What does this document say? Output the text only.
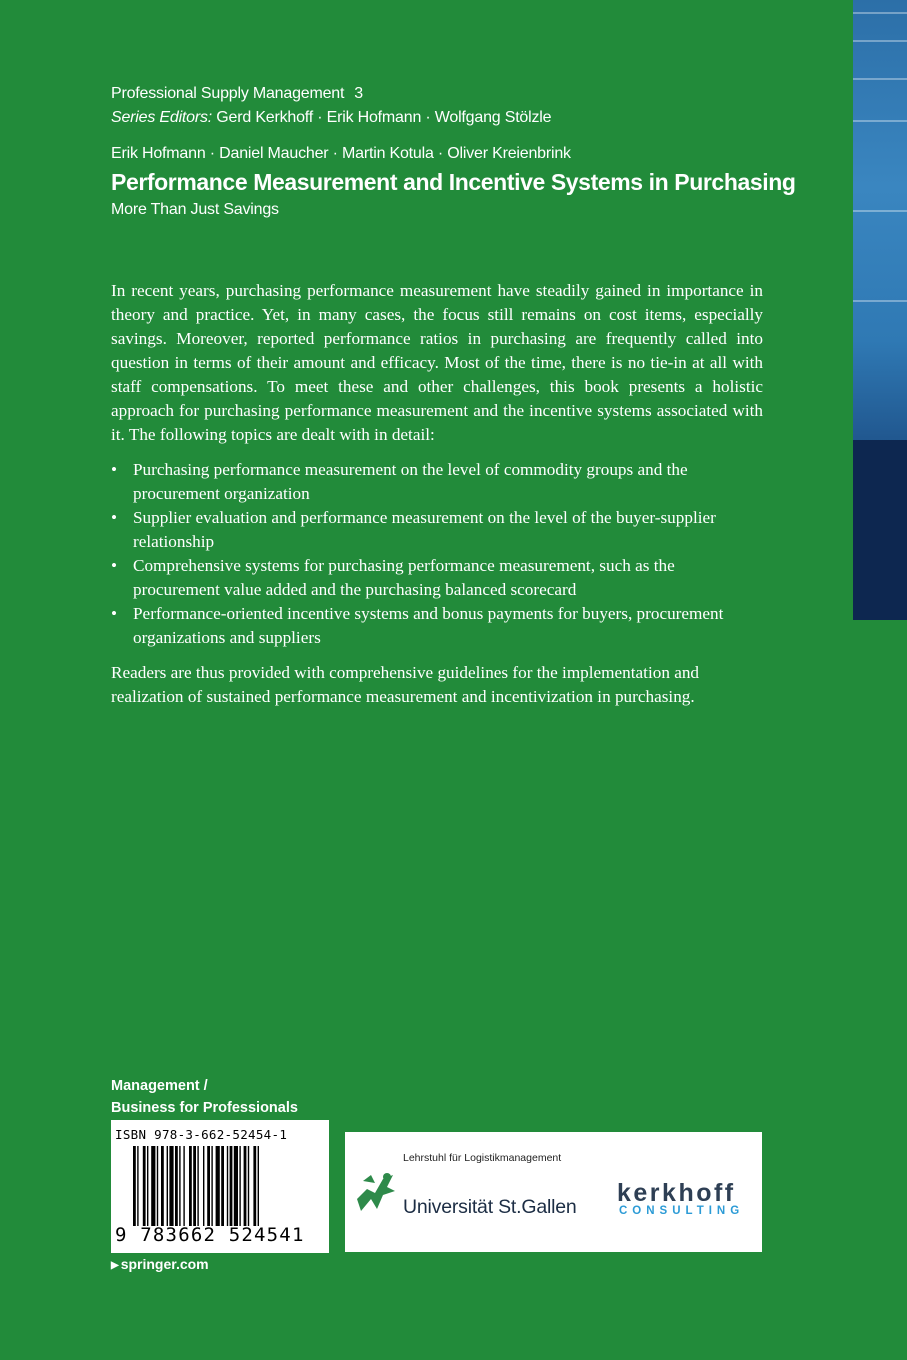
Professional Supply Management 3
Series Editors: Gerd Kerkhoff · Erik Hofmann · Wolfgang Stölzle
Erik Hofmann · Daniel Maucher · Martin Kotula · Oliver Kreienbrink
Performance Measurement and Incentive Systems in Purchasing
More Than Just Savings

In recent years, purchasing performance measurement have steadily gained in importance in theory and practice. Yet, in many cases, the focus still remains on cost items, especially savings. Moreover, reported performance ratios in purchasing are frequently called into question in terms of their amount and efficacy. Most of the time, there is no tie-in at all with staff compensations. To meet these and other challenges, this book presents a holistic approach for purchasing performance measurement and the incentive systems associated with it. The following topics are dealt with in detail:

• Purchasing performance measurement on the level of commodity groups and the procurement organization
• Supplier evaluation and performance measurement on the level of the buyer-supplier relationship
• Comprehensive systems for purchasing performance measurement, such as the procurement value added and the purchasing balanced scorecard
• Performance-oriented incentive systems and bonus payments for buyers, procurement organizations and suppliers

Readers are thus provided with comprehensive guidelines for the implementation and realization of sustained performance measurement and incentivization in purchasing.

Management /
Business for Professionals
ISBN 978-3-662-52454-1
9 783662 524541
▶ springer.com
Lehrstuhl für Logistikmanagement
Universität St.Gallen kerkhoff
CONSULTING
